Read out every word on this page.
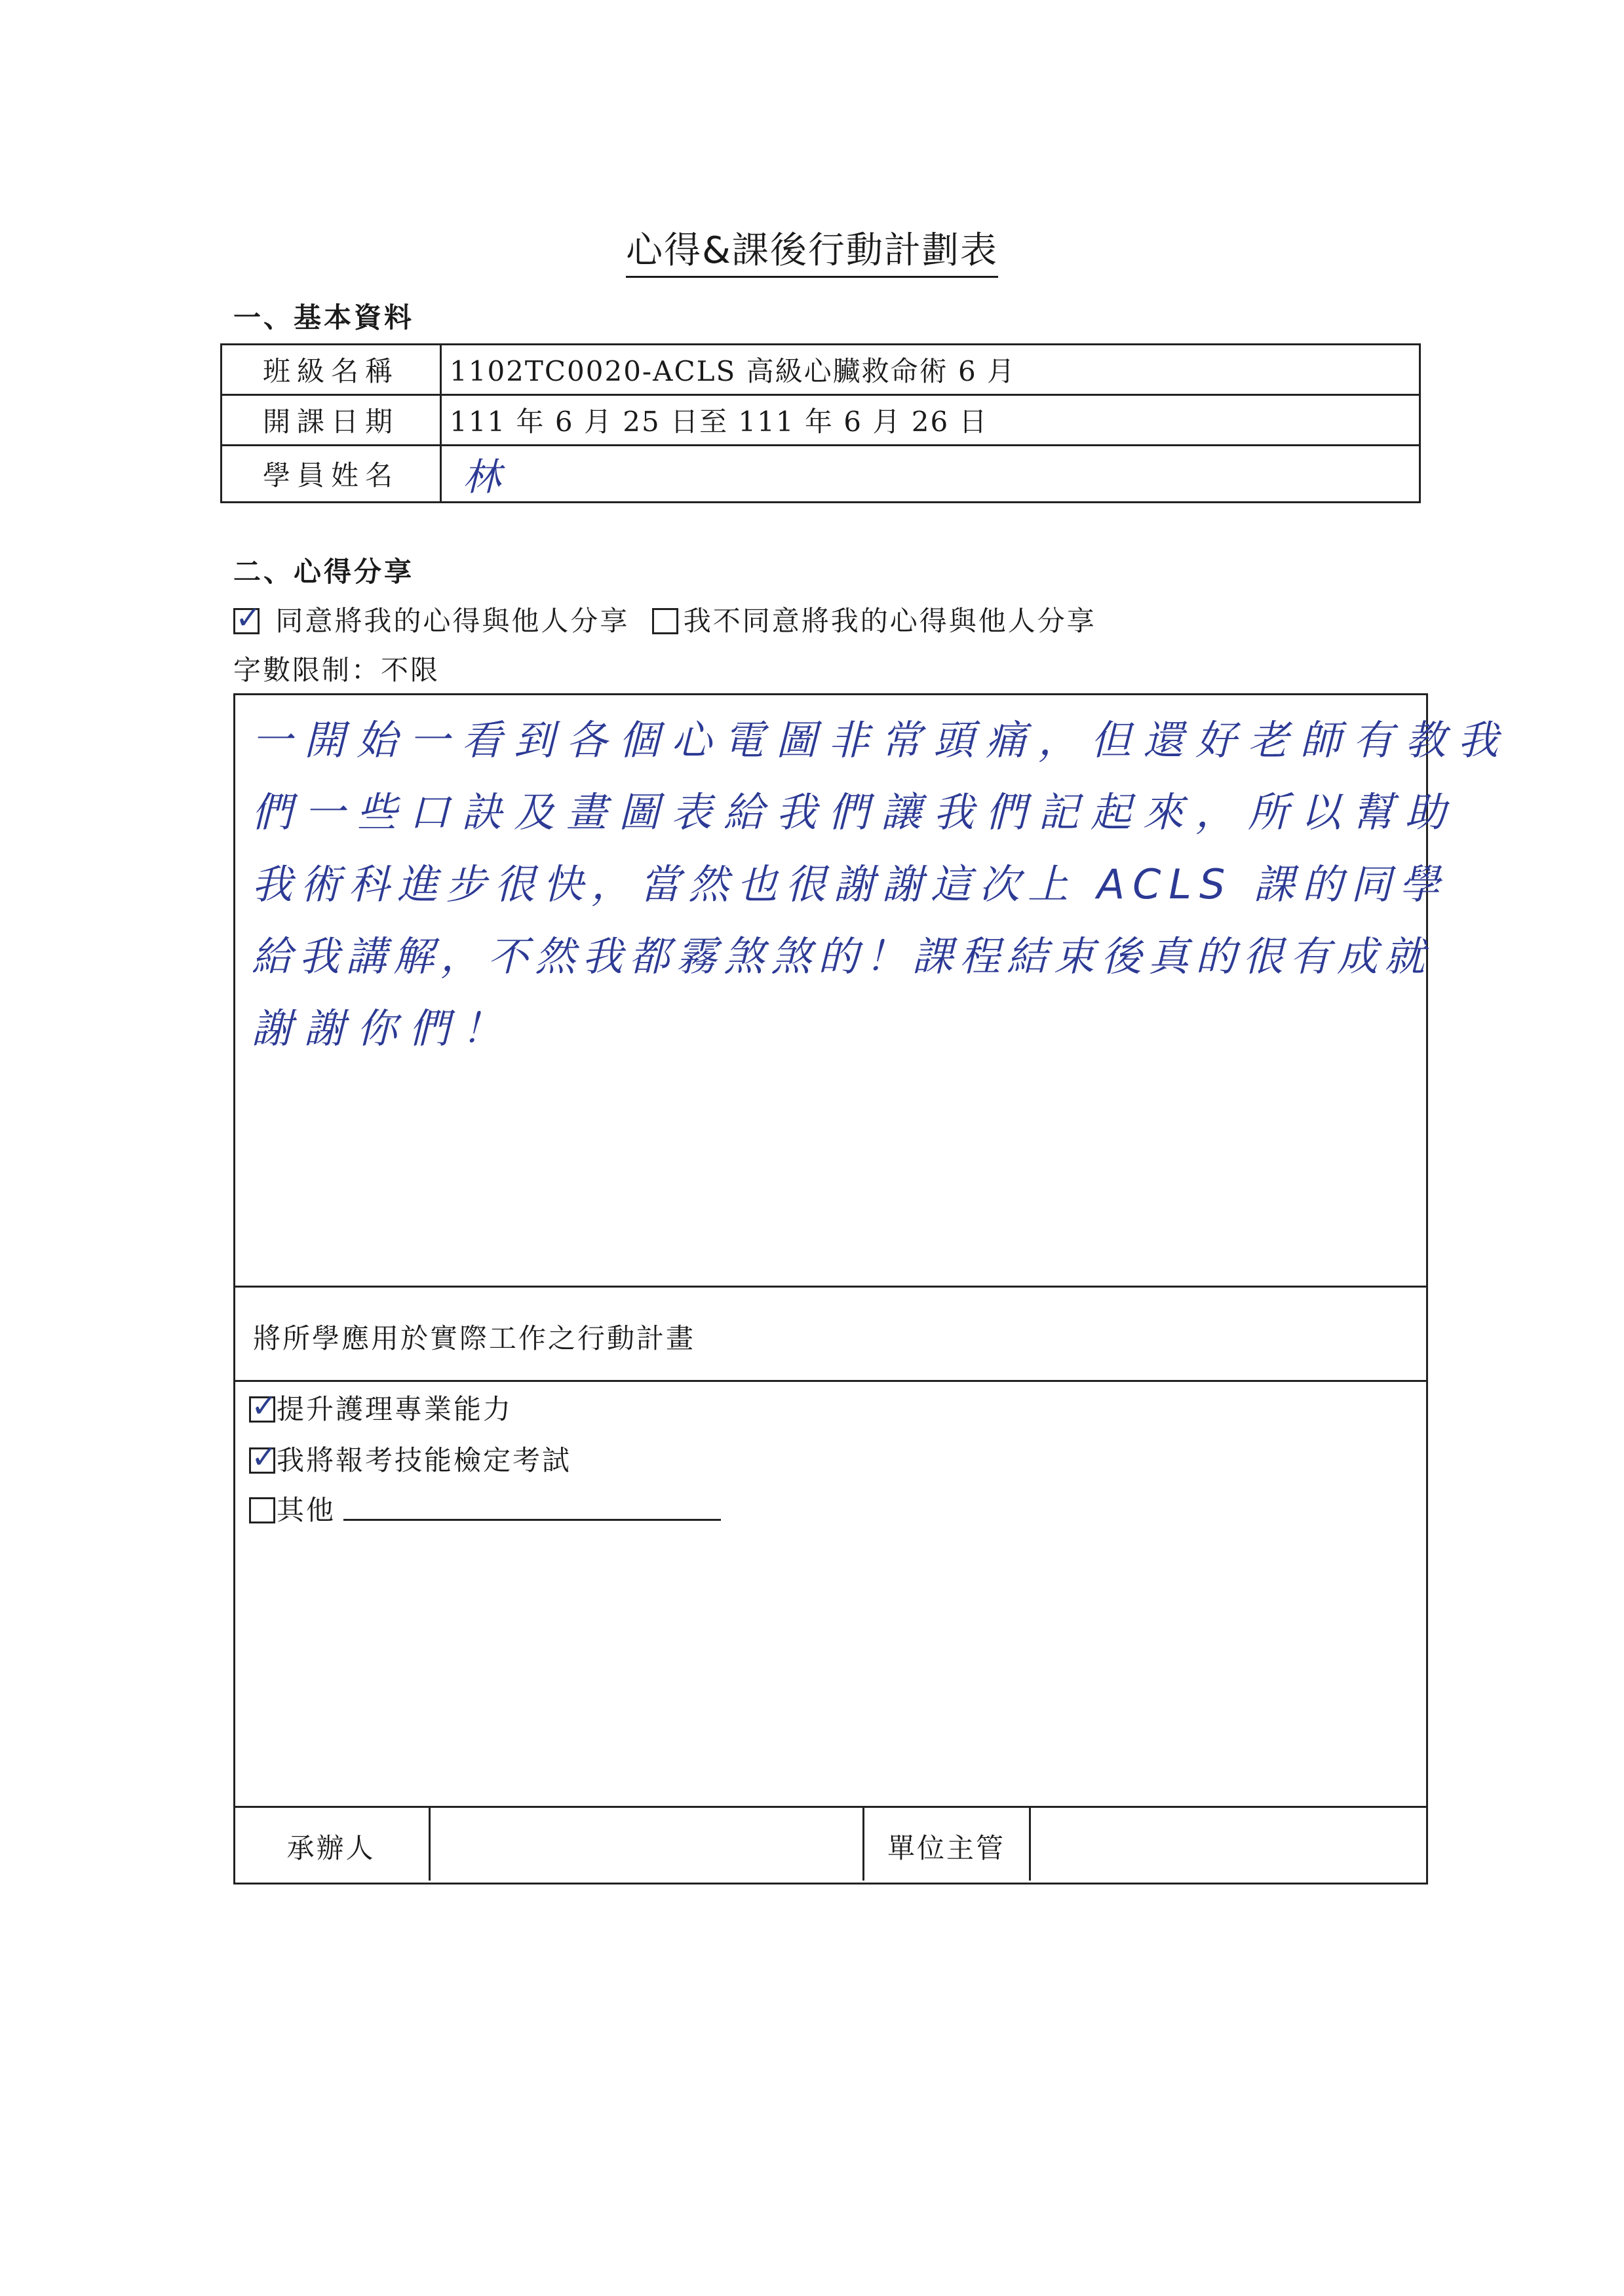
心得&課後行動計劃表
一、基本資料
班級名稱	1102TC0020-ACLS 高級心臟救命術 6 月
開課日期	111 年 6 月 25 日至 111 年 6 月 26 日
學員姓名	林
二、心得分享
✓ 同意將我的心得與他人分享 我不同意將我的心得與他人分享
字數限制：不限
一開始一看到各個心電圖非常頭痛，但還好老師有教我
們一些口訣及畫圖表給我們讓我們記起來，所以幫助
我術科進步很快，當然也很謝謝這次上 ACLS 課的同學
給我講解，不然我都霧煞煞的！課程結束後真的很有成就
謝謝你們！
將所學應用於實際工作之行動計畫
✓
提升護理專業能力
✓
我將報考技能檢定考試
其他
承辦人	單位主管
